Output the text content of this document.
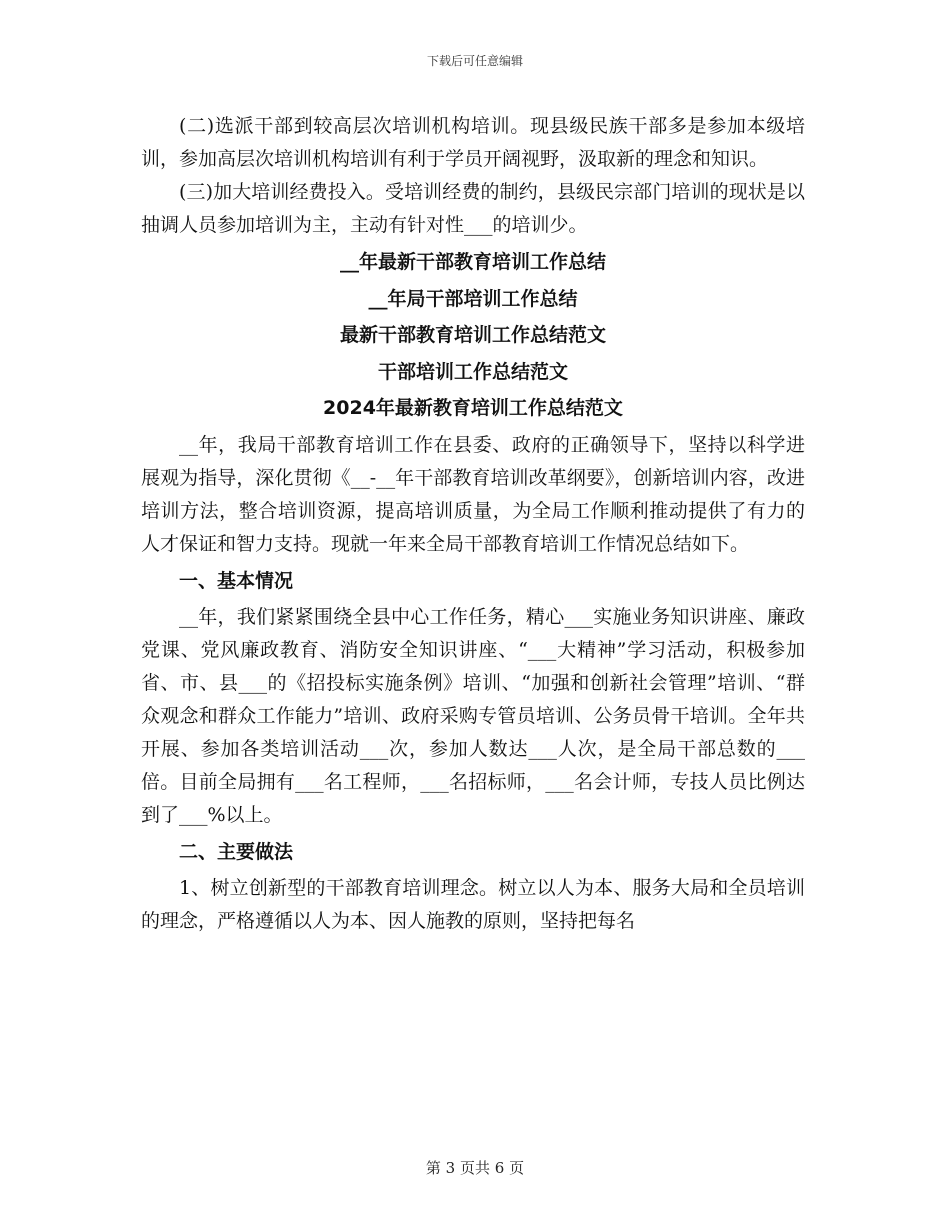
下载后可任意编辑

(二)选派干部到较高层次培训机构培训。现县级民族干部多是参加本级培训，参加高层次培训机构培训有利于学员开阔视野，汲取新的理念和知识。

(三)加大培训经费投入。受培训经费的制约，县级民宗部门培训的现状是以抽调人员参加培训为主，主动有针对性___的培训少。

__年最新干部教育培训工作总结

__年局干部培训工作总结

最新干部教育培训工作总结范文

干部培训工作总结范文

2024年最新教育培训工作总结范文

__年，我局干部教育培训工作在县委、政府的正确领导下，坚持以科学进展观为指导，深化贯彻《__-__年干部教育培训改革纲要》，创新培训内容，改进培训方法，整合培训资源，提高培训质量，为全局工作顺利推动提供了有力的人才保证和智力支持。现就一年来全局干部教育培训工作情况总结如下。

一、基本情况

__年，我们紧紧围绕全县中心工作任务，精心___实施业务知识讲座、廉政党课、党风廉政教育、消防安全知识讲座、“___大精神”学习活动，积极参加省、市、县___的《招投标实施条例》培训、“加强和创新社会管理”培训、“群众观念和群众工作能力”培训、政府采购专管员培训、公务员骨干培训。全年共开展、参加各类培训活动___次，参加人数达___人次，是全局干部总数的___倍。目前全局拥有___名工程师，___名招标师，___名会计师，专技人员比例达到了___%以上。

二、主要做法

1、树立创新型的干部教育培训理念。树立以人为本、服务大局和全员培训的理念，严格遵循以人为本、因人施教的原则，坚持把每名

第 3 页共 6 页
